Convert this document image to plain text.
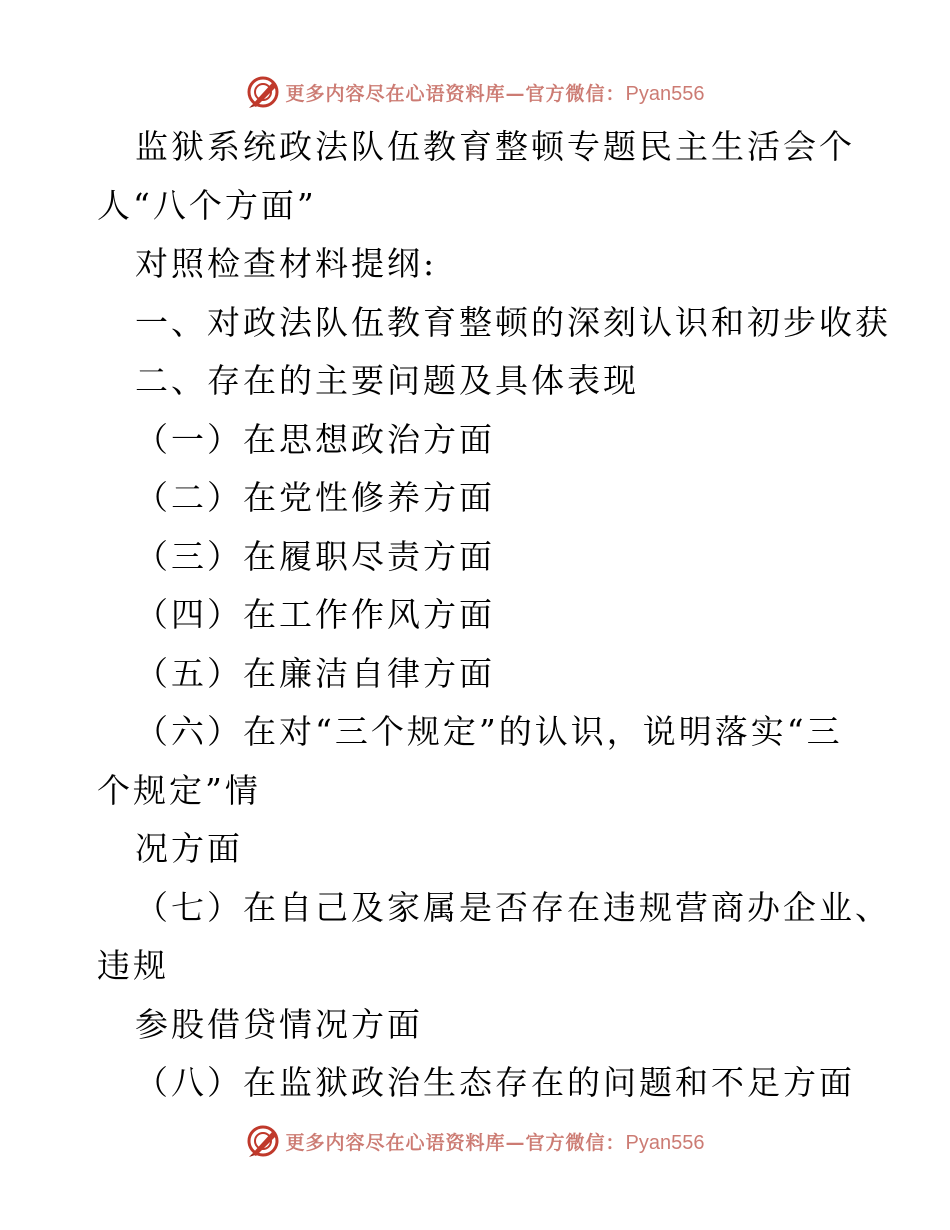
更多内容尽在心语资料库—官方微信：Pyan556
监狱系统政法队伍教育整顿专题民主生活会个
人“八个方面”
对照检查材料提纲:
一、对政法队伍教育整顿的深刻认识和初步收获
二、存在的主要问题及具体表现
（一）在思想政治方面
（二）在党性修养方面
（三）在履职尽责方面
（四）在工作作风方面
（五）在廉洁自律方面
（六）在对“三个规定”的认识，说明落实“三
个规定”情
况方面
（七）在自己及家属是否存在违规营商办企业、
违规
参股借贷情况方面
（八）在监狱政治生态存在的问题和不足方面
更多内容尽在心语资料库—官方微信：Pyan556
